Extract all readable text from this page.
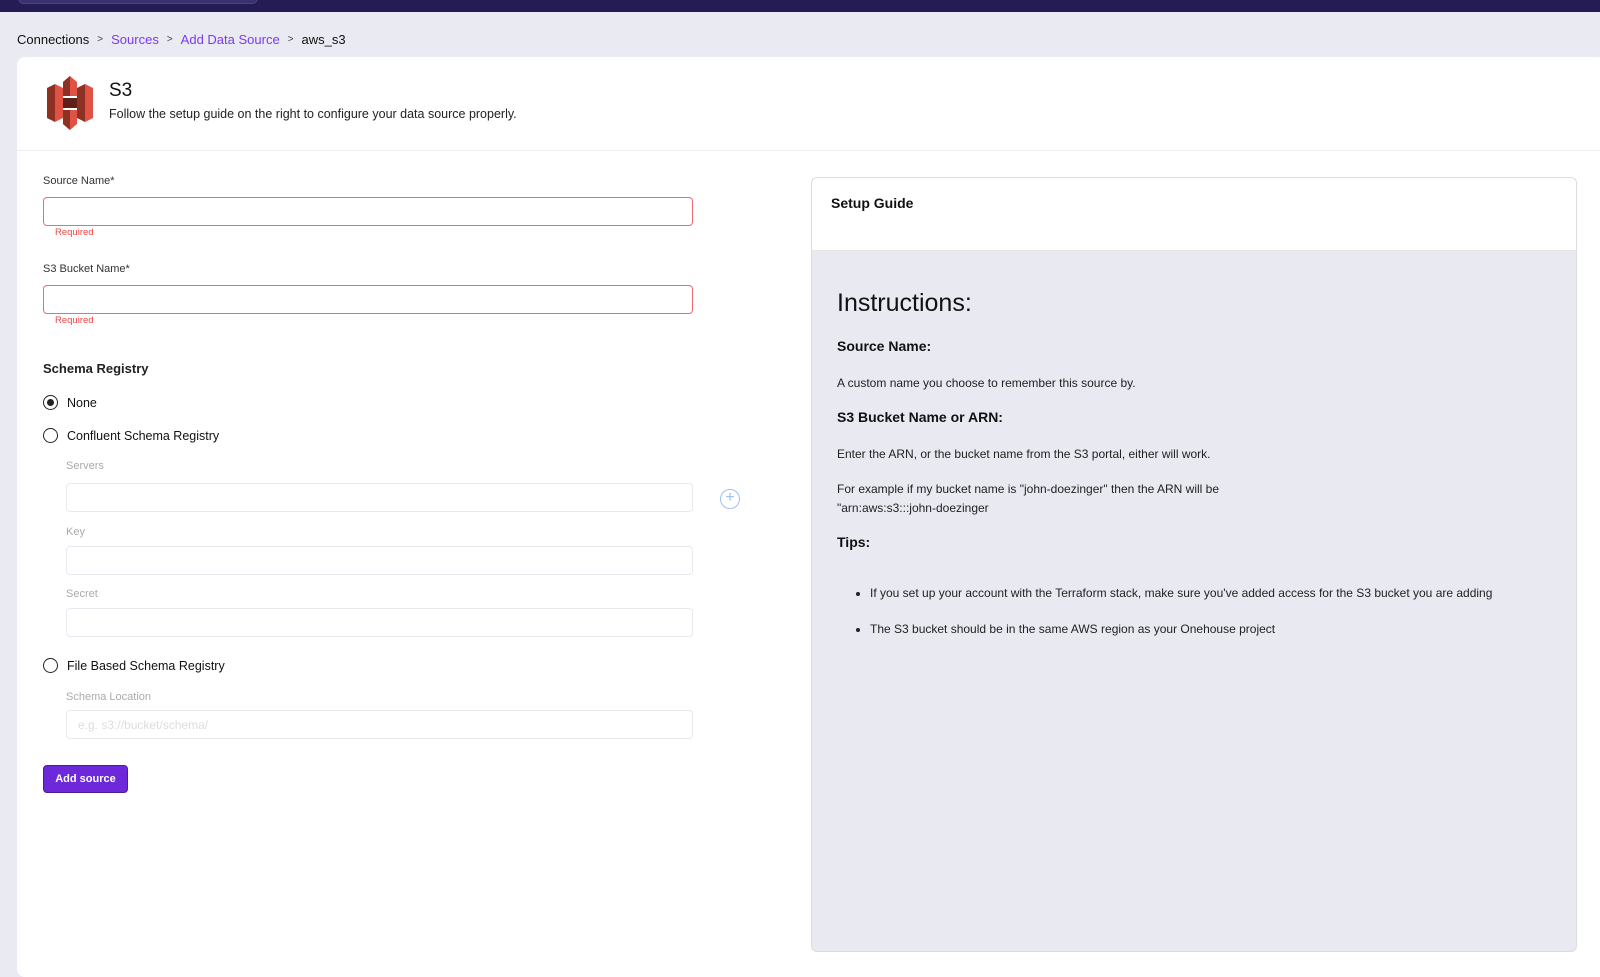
Connections > Sources > Add Data Source > aws_s3
S3
Follow the setup guide on the right to configure your data source properly.
Source Name*
Required
S3 Bucket Name*
Required
Schema Registry
None
Confluent Schema Registry
Servers
+
Key
Secret
File Based Schema Registry
Schema Location
e.g. s3://bucket/schema/
Add source
Setup Guide
Instructions:
Source Name:

A custom name you choose to remember this source by.

S3 Bucket Name or ARN:

Enter the ARN, or the bucket name from the S3 portal, either will work.

For example if my bucket name is "john-doezinger" then the ARN will be "arn:aws:s3:::john-doezinger

Tips:
• If you set up your account with the Terraform stack, make sure you've added access for the S3 bucket you are adding
• The S3 bucket should be in the same AWS region as your Onehouse project
